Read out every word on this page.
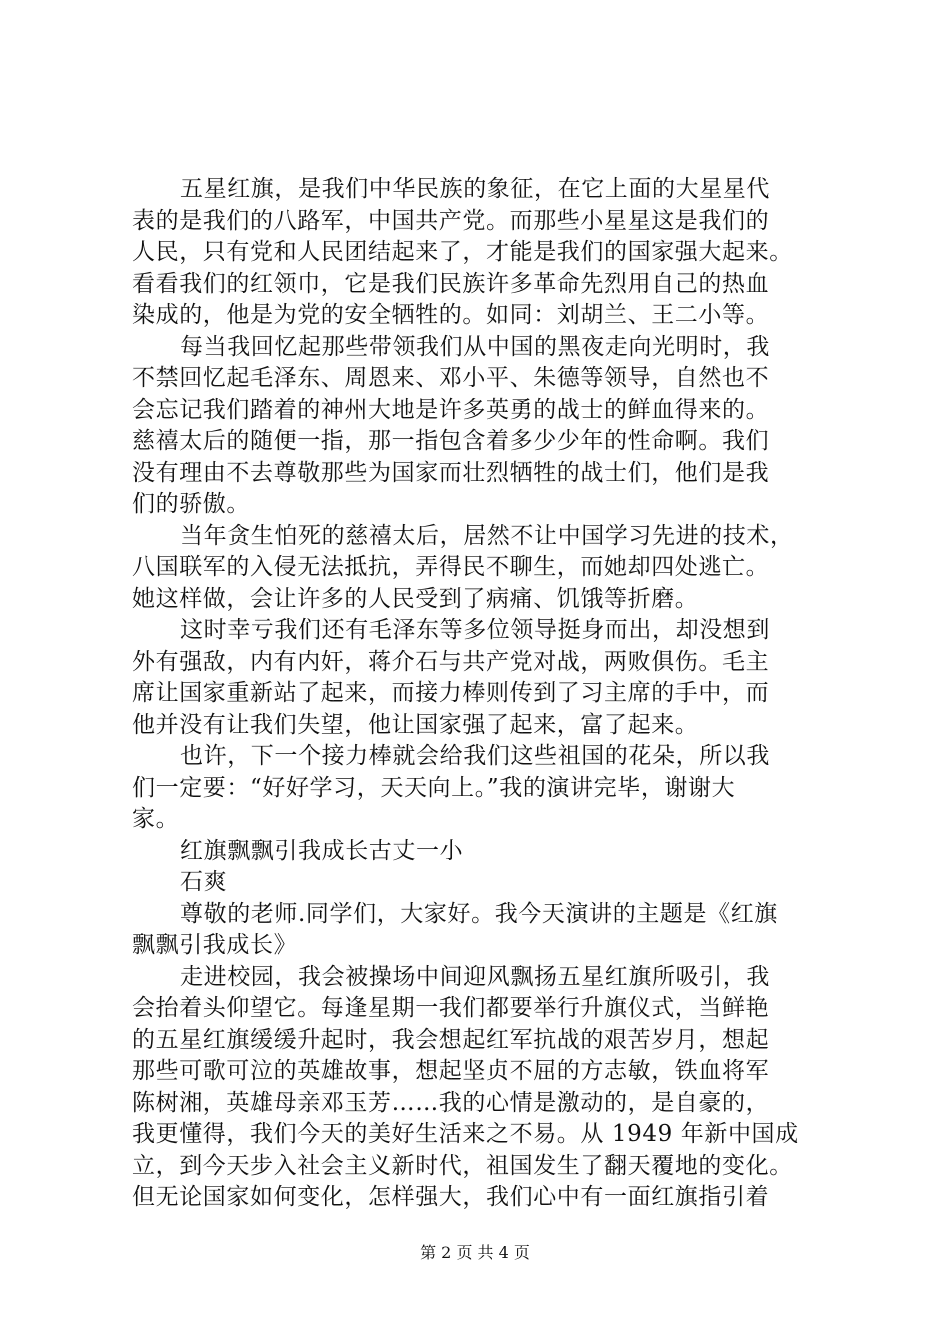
五星红旗，是我们中华民族的象征，在它上面的大星星代
表的是我们的八路军，中国共产党。而那些小星星这是我们的
人民，只有党和人民团结起来了，才能是我们的国家强大起来。
看看我们的红领巾，它是我们民族许多革命先烈用自己的热血
染成的，他是为党的安全牺牲的。如同：刘胡兰、王二小等。
每当我回忆起那些带领我们从中国的黑夜走向光明时，我
不禁回忆起毛泽东、周恩来、邓小平、朱德等领导，自然也不
会忘记我们踏着的神州大地是许多英勇的战士的鲜血得来的。
慈禧太后的随便一指，那一指包含着多少少年的性命啊。我们
没有理由不去尊敬那些为国家而壮烈牺牲的战士们，他们是我
们的骄傲。
当年贪生怕死的慈禧太后，居然不让中国学习先进的技术，
八国联军的入侵无法抵抗，弄得民不聊生，而她却四处逃亡。
她这样做，会让许多的人民受到了病痛、饥饿等折磨。
这时幸亏我们还有毛泽东等多位领导挺身而出，却没想到
外有强敌，内有内奸，蒋介石与共产党对战，两败俱伤。毛主
席让国家重新站了起来，而接力棒则传到了习主席的手中，而
他并没有让我们失望，他让国家强了起来，富了起来。
也许，下一个接力棒就会给我们这些祖国的花朵，所以我
们一定要：“好好学习，天天向上。”我的演讲完毕，谢谢大
家。
红旗飘飘引我成长古丈一小
石爽
尊敬的老师.同学们，大家好。我今天演讲的主题是《红旗
飘飘引我成长》
走进校园，我会被操场中间迎风飘扬五星红旗所吸引，我
会抬着头仰望它。每逢星期一我们都要举行升旗仪式，当鲜艳
的五星红旗缓缓升起时，我会想起红军抗战的艰苦岁月，想起
那些可歌可泣的英雄故事，想起坚贞不屈的方志敏，铁血将军
陈树湘，英雄母亲邓玉芳……我的心情是激动的，是自豪的，
我更懂得，我们今天的美好生活来之不易。从 1949 年新中国成
立，到今天步入社会主义新时代，祖国发生了翻天覆地的变化。
但无论国家如何变化，怎样强大，我们心中有一面红旗指引着
第 2 页 共 4 页
